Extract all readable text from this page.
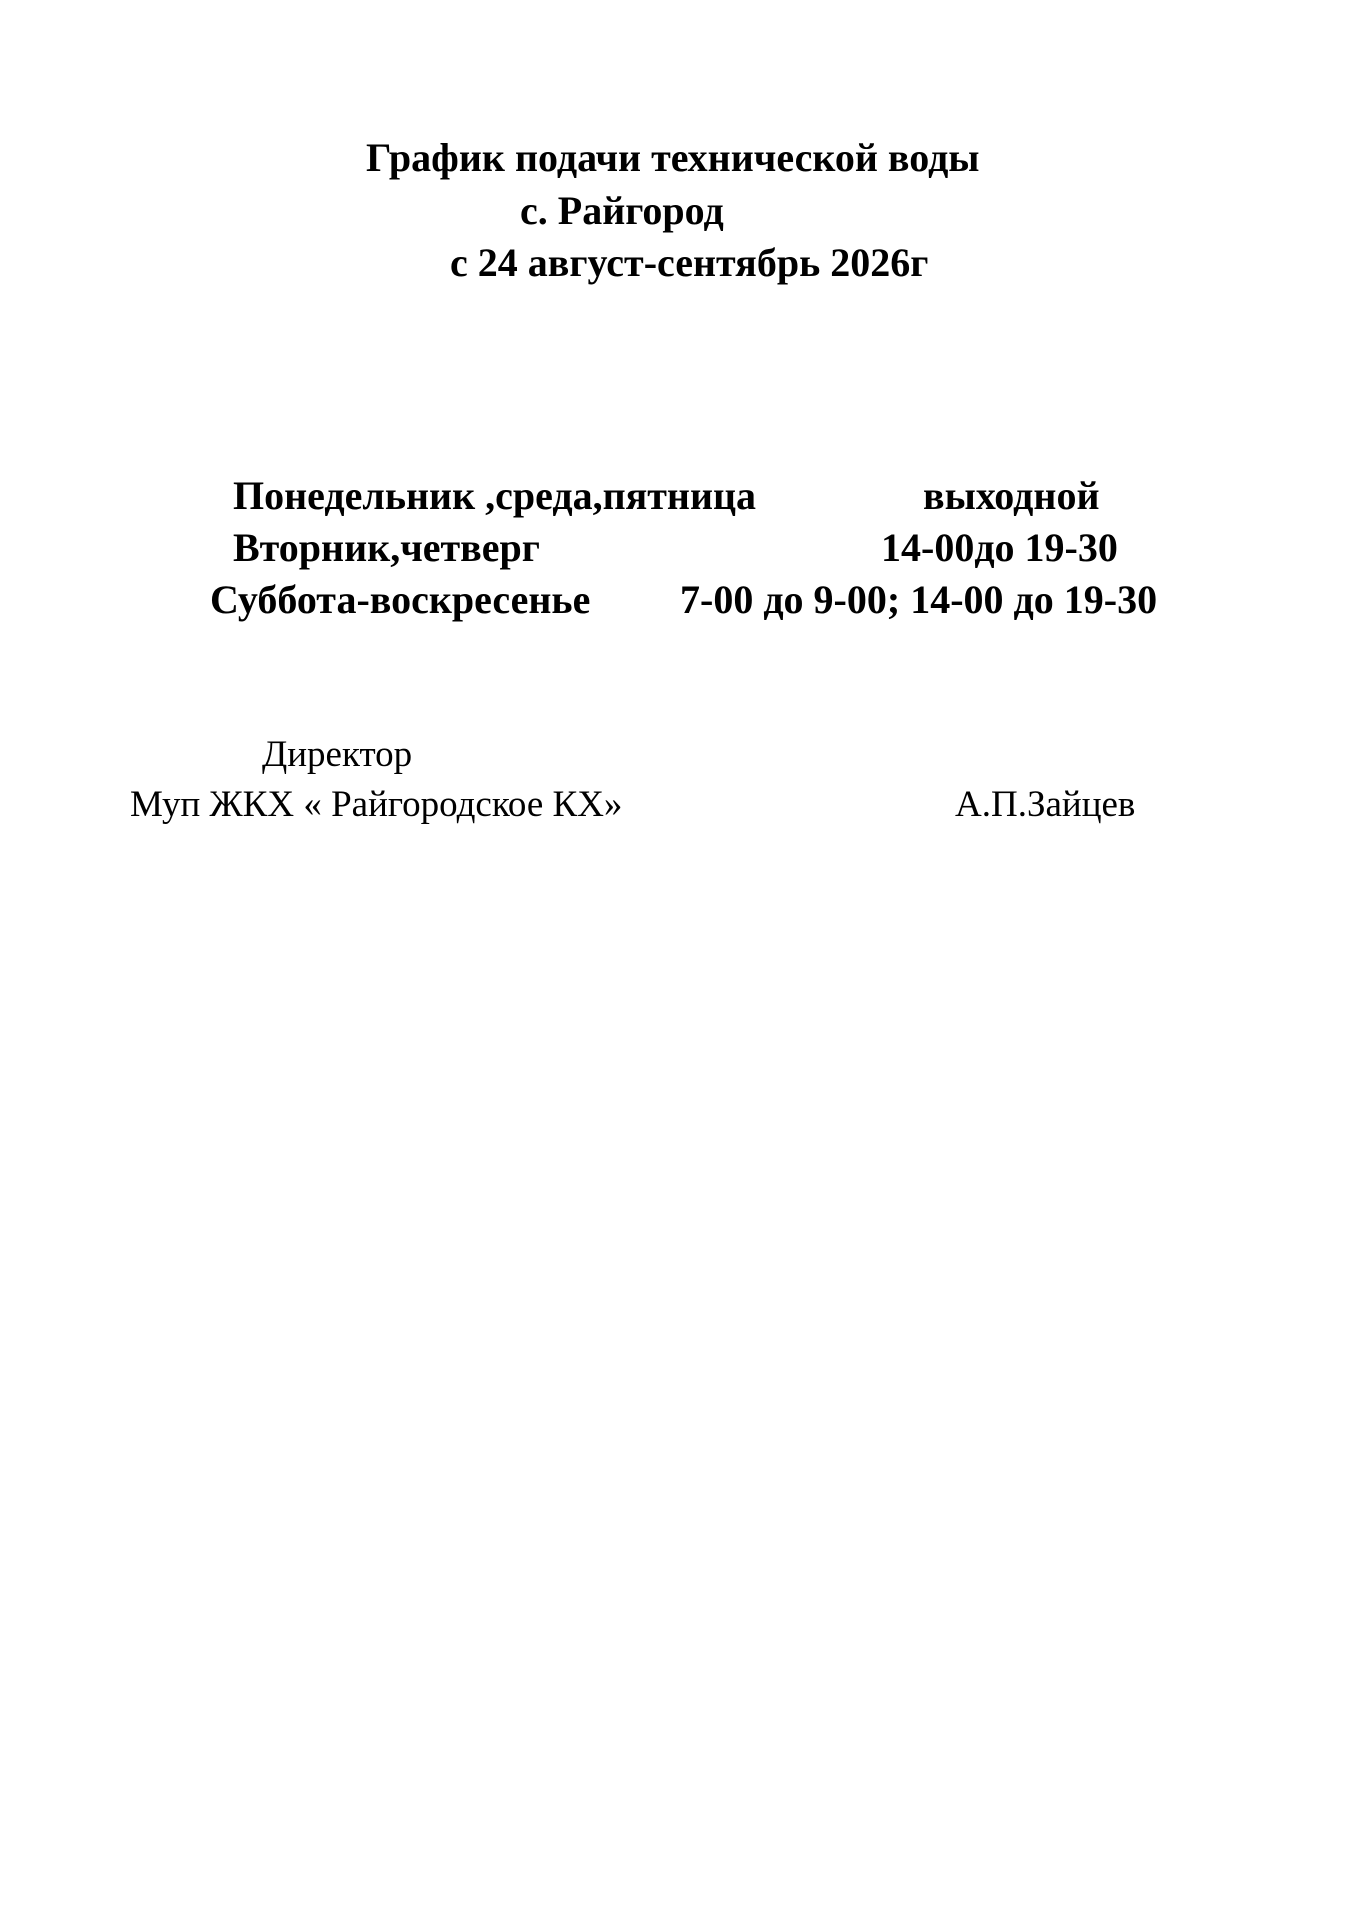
График подачи технической воды
с. Райгород
с 24 август-сентябрь 2026г
Понедельник ,среда,пятница	выходной
Вторник,четверг	14-00до 19-30
Суббота-воскресенье 7-00 до 9-00; 14-00 до 19-30
Директор
Муп ЖКХ « Райгородское КХ»	А.П.Зайцев
